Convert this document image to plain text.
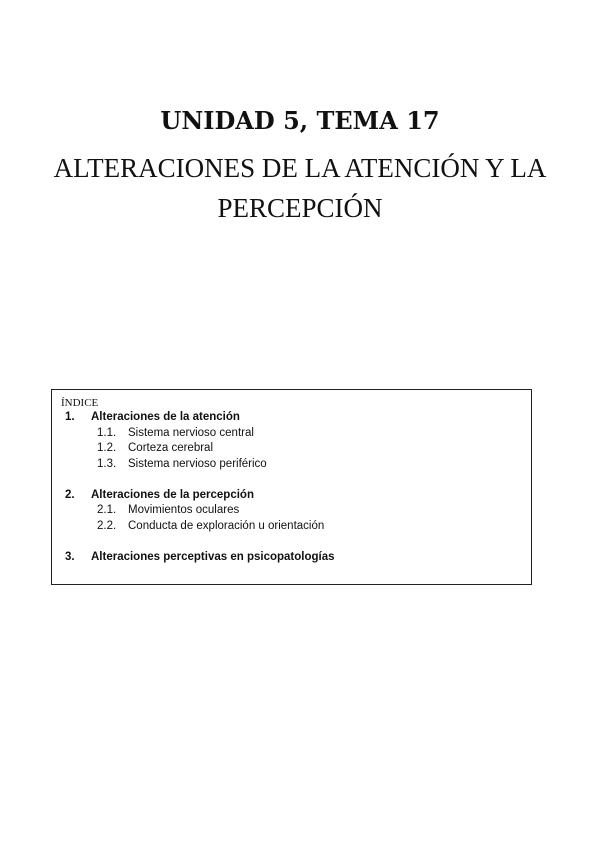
UNIDAD 5, TEMA 17
ALTERACIONES DE LA ATENCIÓN Y LA
PERCEPCIÓN
ÍNDICE
1. Alteraciones de la atención
1.1. Sistema nervioso central
1.2. Corteza cerebral
1.3. Sistema nervioso periférico
2. Alteraciones de la percepción
2.1. Movimientos oculares
2.2. Conducta de exploración u orientación
3. Alteraciones perceptivas en psicopatologías
